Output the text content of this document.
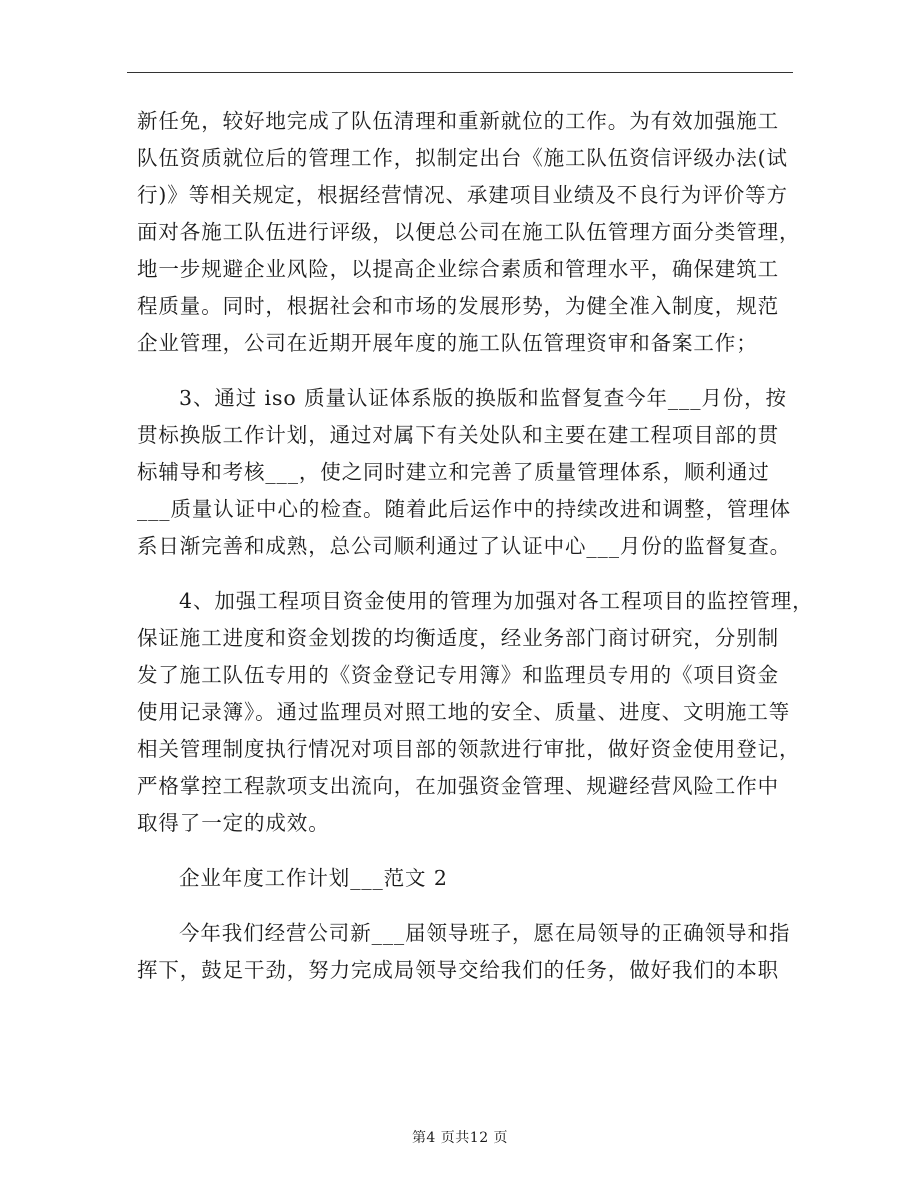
新任免，较好地完成了队伍清理和重新就位的工作。为有效加强施工
队伍资质就位后的管理工作，拟制定出台《施工队伍资信评级办法(试
行)》等相关规定，根据经营情况、承建项目业绩及不良行为评价等方
面对各施工队伍进行评级，以便总公司在施工队伍管理方面分类管理，
地一步规避企业风险，以提高企业综合素质和管理水平，确保建筑工
程质量。同时，根据社会和市场的发展形势，为健全准入制度，规范
企业管理，公司在近期开展年度的施工队伍管理资审和备案工作；
3、通过 iso 质量认证体系版的换版和监督复查今年___月份，按
贯标换版工作计划，通过对属下有关处队和主要在建工程项目部的贯
标辅导和考核___，使之同时建立和完善了质量管理体系，顺利通过
___质量认证中心的检查。随着此后运作中的持续改进和调整，管理体
系日渐完善和成熟，总公司顺利通过了认证中心___月份的监督复查。
4、加强工程项目资金使用的管理为加强对各工程项目的监控管理，
保证施工进度和资金划拨的均衡适度，经业务部门商讨研究，分别制
发了施工队伍专用的《资金登记专用簿》和监理员专用的《项目资金
使用记录簿》。通过监理员对照工地的安全、质量、进度、文明施工等
相关管理制度执行情况对项目部的领款进行审批，做好资金使用登记，
严格掌控工程款项支出流向，在加强资金管理、规避经营风险工作中
取得了一定的成效。
企业年度工作计划___范文 2
今年我们经营公司新___届领导班子，愿在局领导的正确领导和指
挥下，鼓足干劲，努力完成局领导交给我们的任务，做好我们的本职
第4 页共12 页
